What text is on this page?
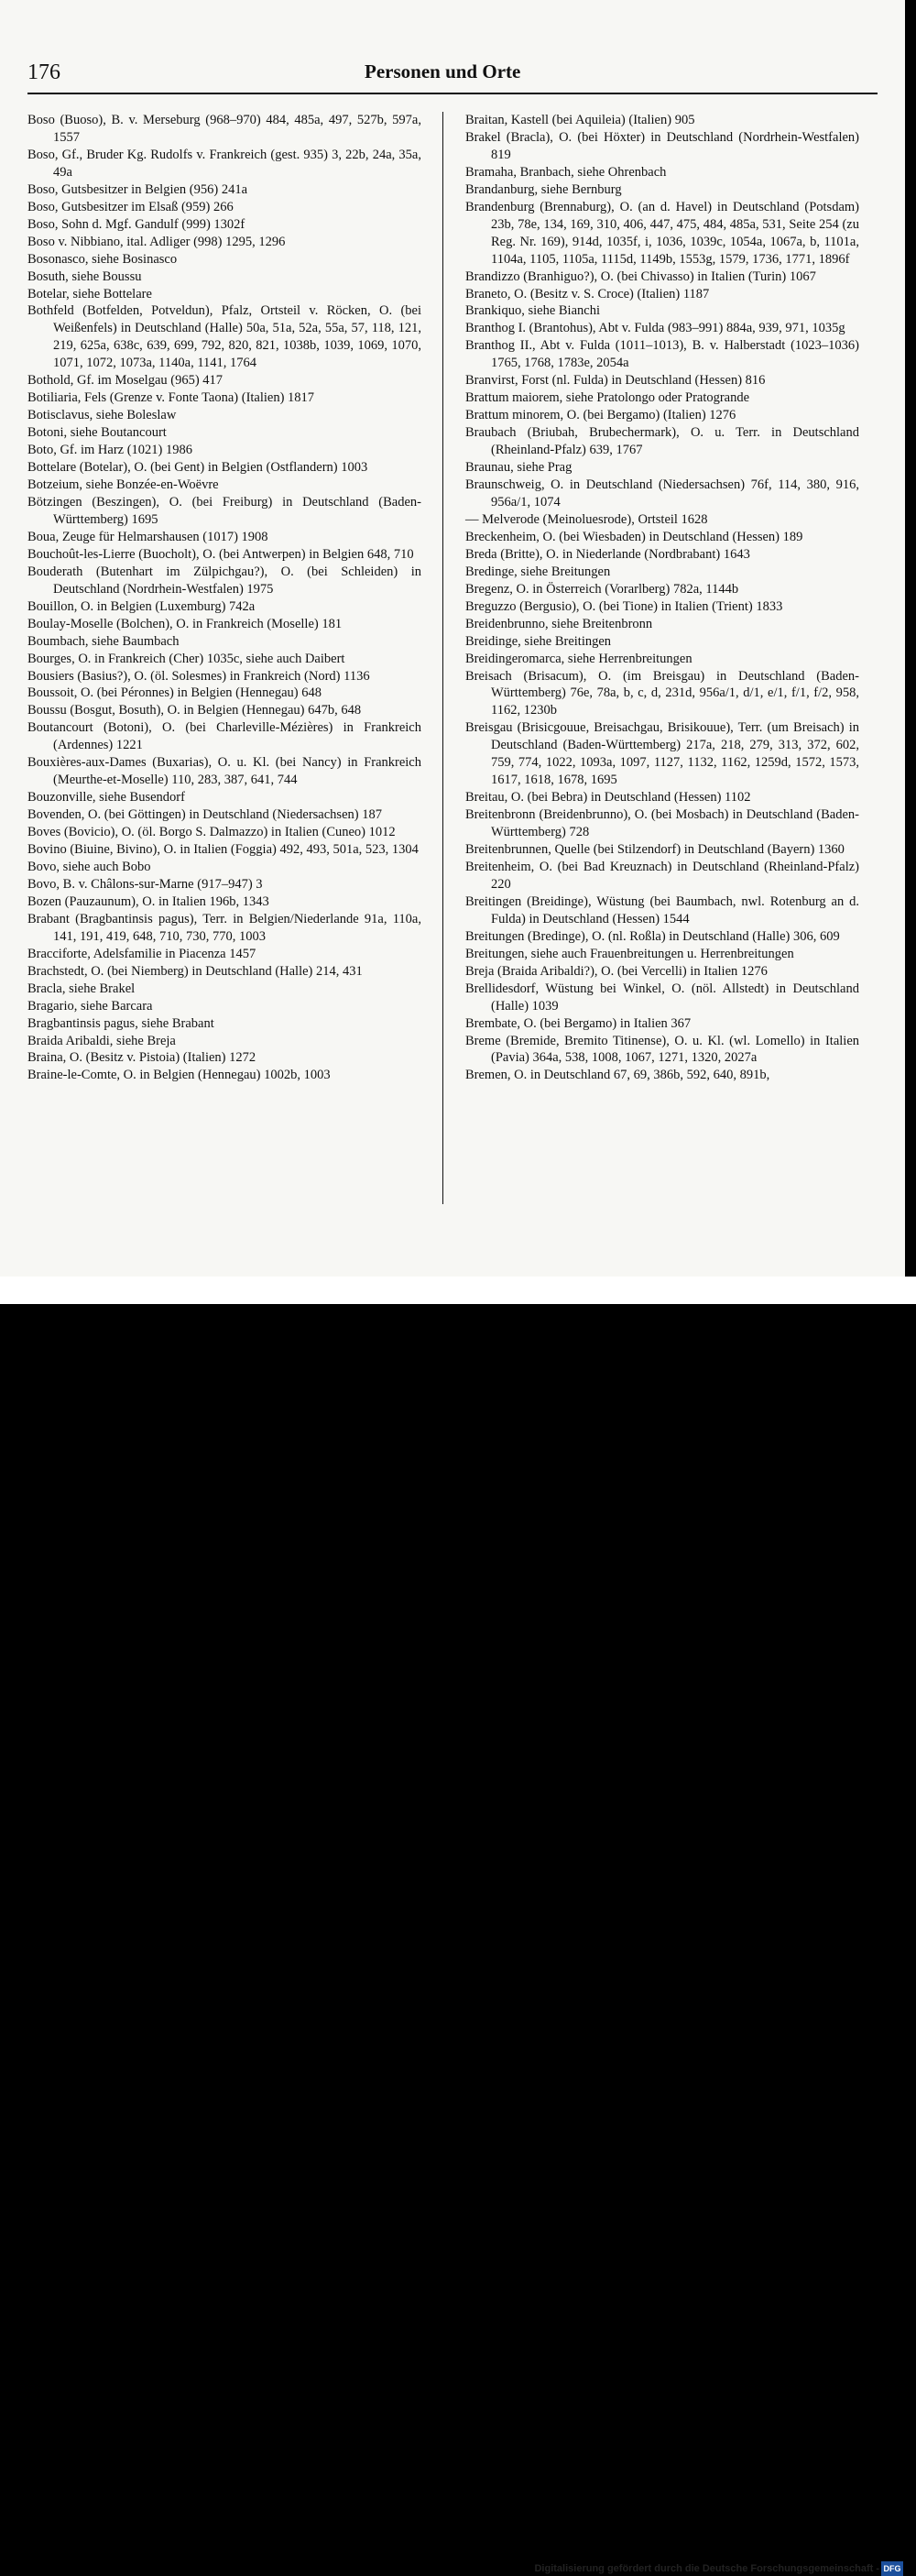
176	Personen und Orte
Boso (Buoso), B. v. Merseburg (968–970) 484, 485a, 497, 527b, 597a, 1557
Boso, Gf., Bruder Kg. Rudolfs v. Frankreich (gest. 935) 3, 22b, 24a, 35a, 49a
Boso, Gutsbesitzer in Belgien (956) 241a
Boso, Gutsbesitzer im Elsaß (959) 266
Boso, Sohn d. Mgf. Gandulf (999) 1302f
Boso v. Nibbiano, ital. Adliger (998) 1295, 1296
Bosonasco, siehe Bosinasco
Bosuth, siehe Boussu
Botelar, siehe Bottelare
Bothfeld (Botfelden, Potveldun), Pfalz, Ortsteil v. Röcken, O. (bei Weißenfels) in Deutschland (Halle) 50a, 51a, 52a, 55a, 57, 118, 121, 219, 625a, 638c, 639, 699, 792, 820, 821, 1038b, 1039, 1069, 1070, 1071, 1072, 1073a, 1140a, 1141, 1764
Bothold, Gf. im Moselgau (965) 417
Botiliaria, Fels (Grenze v. Fonte Taona) (Italien) 1817
Botisclavus, siehe Boleslaw
Botoni, siehe Boutancourt
Boto, Gf. im Harz (1021) 1986
Bottelare (Botelar), O. (bei Gent) in Belgien (Ostflandern) 1003
Botzeium, siehe Bonzée-en-Woëvre
Bötzingen (Beszingen), O. (bei Freiburg) in Deutschland (Baden-Württemberg) 1695
Boua, Zeuge für Helmarshausen (1017) 1908
Bouchoût-les-Lierre (Buocholt), O. (bei Antwerpen) in Belgien 648, 710
Bouderath (Butenhart im Zülpichgau?), O. (bei Schleiden) in Deutschland (Nordrhein-Westfalen) 1975
Bouillon, O. in Belgien (Luxemburg) 742a
Boulay-Moselle (Bolchen), O. in Frankreich (Moselle) 181
Boumbach, siehe Baumbach
Bourges, O. in Frankreich (Cher) 1035c, siehe auch Daibert
Bousiers (Basius?), O. (öl. Solesmes) in Frankreich (Nord) 1136
Boussoit, O. (bei Péronnes) in Belgien (Hennegau) 648
Boussu (Bosgut, Bosuth), O. in Belgien (Hennegau) 647b, 648
Boutancourt (Botoni), O. (bei Charleville-Mézières) in Frankreich (Ardennes) 1221
Bouxières-aux-Dames (Buxarias), O. u. Kl. (bei Nancy) in Frankreich (Meurthe-et-Moselle) 110, 283, 387, 641, 744
Bouzonville, siehe Busendorf
Bovenden, O. (bei Göttingen) in Deutschland (Niedersachsen) 187
Boves (Bovicio), O. (öl. Borgo S. Dalmazzo) in Italien (Cuneo) 1012
Bovino (Biuine, Bivino), O. in Italien (Foggia) 492, 493, 501a, 523, 1304
Bovo, siehe auch Bobo
Bovo, B. v. Châlons-sur-Marne (917–947) 3
Bozen (Pauzaunum), O. in Italien 196b, 1343
Brabant (Bragbantinsis pagus), Terr. in Belgien/Niederlande 91a, 110a, 141, 191, 419, 648, 710, 730, 770, 1003
Bracciforte, Adelsfamilie in Piacenza 1457
Brachstedt, O. (bei Niemberg) in Deutschland (Halle) 214, 431
Bracla, siehe Brakel
Bragario, siehe Barcara
Bragbantinsis pagus, siehe Brabant
Braida Aribaldi, siehe Breja
Braina, O. (Besitz v. Pistoia) (Italien) 1272
Braine-le-Comte, O. in Belgien (Hennegau) 1002b, 1003
Braitan, Kastell (bei Aquileia) (Italien) 905
Brakel (Bracla), O. (bei Höxter) in Deutschland (Nordrhein-Westfalen) 819
Bramaha, Branbach, siehe Ohrenbach
Brandanburg, siehe Bernburg
Brandenburg (Brennaburg), O. (an d. Havel) in Deutschland (Potsdam) 23b, 78e, 134, 169, 310, 406, 447, 475, 484, 485a, 531, Seite 254 (zu Reg. Nr. 169), 914d, 1035f, i, 1036, 1039c, 1054a, 1067a, b, 1101a, 1104a, 1105, 1105a, 1115d, 1149b, 1553g, 1579, 1736, 1771, 1896f
Brandizzo (Branhiguo?), O. (bei Chivasso) in Italien (Turin) 1067
Braneto, O. (Besitz v. S. Croce) (Italien) 1187
Brankiquo, siehe Bianchi
Branthog I. (Brantohus), Abt v. Fulda (983–991) 884a, 939, 971, 1035g
Branthog II., Abt v. Fulda (1011–1013), B. v. Halberstadt (1023–1036) 1765, 1768, 1783e, 2054a
Branvirst, Forst (nl. Fulda) in Deutschland (Hessen) 816
Brattum maiorem, siehe Pratolongo oder Pratogrande
Brattum minorem, O. (bei Bergamo) (Italien) 1276
Braubach (Briubah, Brubechermark), O. u. Terr. in Deutschland (Rheinland-Pfalz) 639, 1767
Braunau, siehe Prag
Braunschweig, O. in Deutschland (Niedersachsen) 76f, 114, 380, 916, 956a/1, 1074
— Melverode (Meinoluesrode), Ortsteil 1628
Breckenheim, O. (bei Wiesbaden) in Deutschland (Hessen) 189
Breda (Britte), O. in Niederlande (Nordbrabant) 1643
Bredinge, siehe Breitungen
Bregenz, O. in Österreich (Vorarlberg) 782a, 1144b
Breguzzo (Bergusio), O. (bei Tione) in Italien (Trient) 1833
Breidenbrunno, siehe Breitenbronn
Breidinge, siehe Breitingen
Breidingeromarca, siehe Herrenbreitungen
Breisach (Brisacum), O. (im Breisgau) in Deutschland (Baden-Württemberg) 76e, 78a, b, c, d, 231d, 956a/1, d/1, e/1, f/1, f/2, 958, 1162, 1230b
Breisgau (Brisicgouue, Breisachgau, Brisikouue), Terr. (um Breisach) in Deutschland (Baden-Württemberg) 217a, 218, 279, 313, 372, 602, 759, 774, 1022, 1093a, 1097, 1127, 1132, 1162, 1259d, 1572, 1573, 1617, 1618, 1678, 1695
Breitau, O. (bei Bebra) in Deutschland (Hessen) 1102
Breitenbronn (Breidenbrunno), O. (bei Mosbach) in Deutschland (Baden-Württemberg) 728
Breitenbrunnen, Quelle (bei Stilzendorf) in Deutschland (Bayern) 1360
Breitenheim, O. (bei Bad Kreuznach) in Deutschland (Rheinland-Pfalz) 220
Breitingen (Breidinge), Wüstung (bei Baumbach, nwl. Rotenburg an d. Fulda) in Deutschland (Hessen) 1544
Breitungen (Bredinge), O. (nl. Roßla) in Deutschland (Halle) 306, 609
Breitungen, siehe auch Frauenbreitungen u. Herrenbreitungen
Breja (Braida Aribaldi?), O. (bei Vercelli) in Italien 1276
Brellidesdorf, Wüstung bei Winkel, O. (nöl. Allstedt) in Deutschland (Halle) 1039
Brembate, O. (bei Bergamo) in Italien 367
Breme (Bremide, Bremito Titinense), O. u. Kl. (wl. Lomello) in Italien (Pavia) 364a, 538, 1008, 1067, 1271, 1320, 2027a
Bremen, O. in Deutschland 67, 69, 386b, 592, 640, 891b,
Digitalisierung gefördert durch die Deutsche Forschungsgemeinschaft - DFG
